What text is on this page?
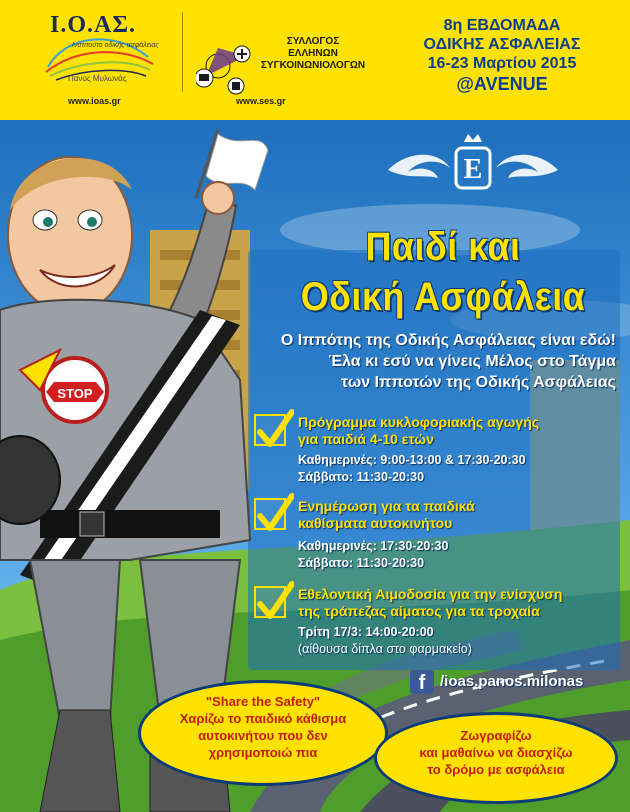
Ι.Ο.ΑΣ.
Ινστιτούτο οδικής ασφάλειας
Πανος Μυλωνάς
www.ioas.gr
ΣΥΛΛΟΓΟΣ
ΕΛΛΗΝΩΝ
ΣΥΓΚΟΙΝΩΝΙΟΛΟΓΩΝ
www.ses.gr
8η ΕΒΔΟΜΑΔΑ
ΟΔΙΚΗΣ ΑΣΦΑΛΕΙΑΣ
16-23 Μαρτίου 2015
@AVENUE
STOP
E
Παιδί και
Οδική Ασφάλεια
Ο Ιππότης της Οδικής Ασφάλειας είναι εδώ!
Έλα κι εσύ να γίνεις Μέλος στο Τάγμα
των Ιπποτών της Οδικής Ασφάλειας
Πρόγραμμα κυκλοφοριακής αγωγής
για παιδιά 4-10 ετών
Καθημερινές: 9:00-13:00 & 17:30-20:30
Σάββατο: 11:30-20:30
Ενημέρωση για τα παιδικά
καθίσματα αυτοκινήτου
Καθημερινές: 17:30-20:30
Σάββατο: 11:30-20:30
Εθελοντική Αιμοδοσία για την ενίσχυση
της τράπεζας αίματος για τα τροχαία
Τρίτη 17/3: 14:00-20:00
(αίθουσα δίπλα στο φαρμακείο)
f /ioas.panos.milonas
"Share the Safety"
Χαρίζω το παιδικό κάθισμα
αυτοκινήτου που δεν
χρησιμοποιώ πια
Ζωγραφίζω
και μαθαίνω να διασχίζω
το δρόμο με ασφάλεια
